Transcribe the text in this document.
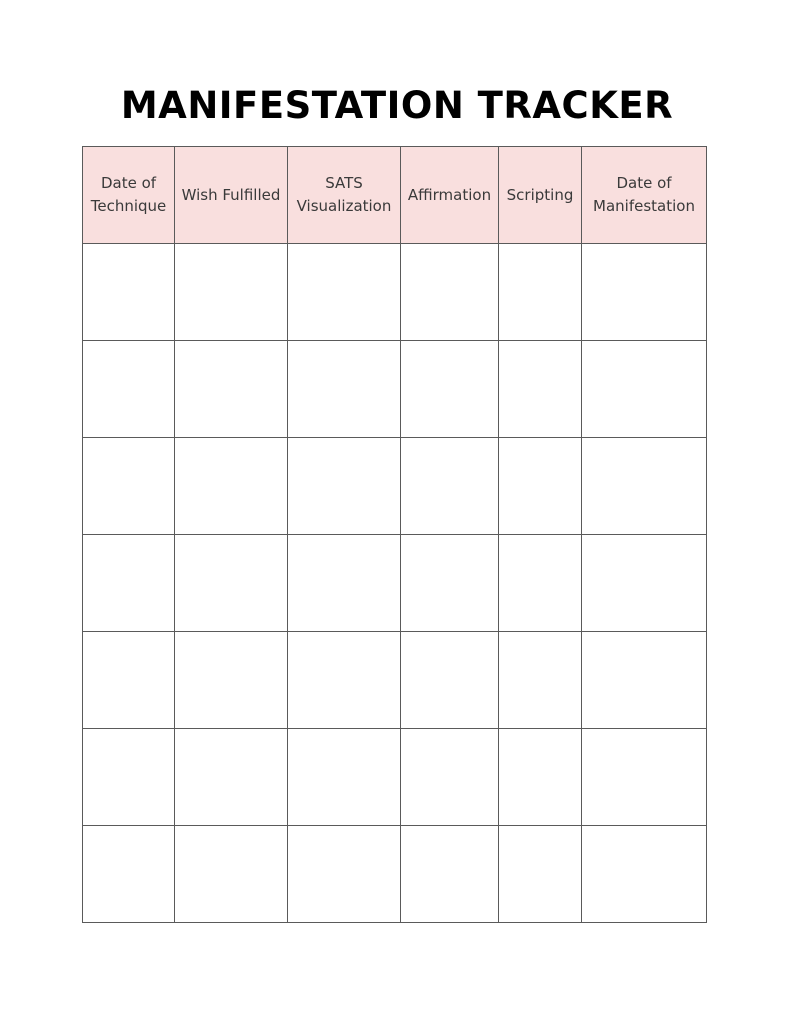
MANIFESTATION TRACKER
Date of Technique	Wish Fulfilled	SATS Visualization	Affirmation	Scripting	Date of Manifestation
